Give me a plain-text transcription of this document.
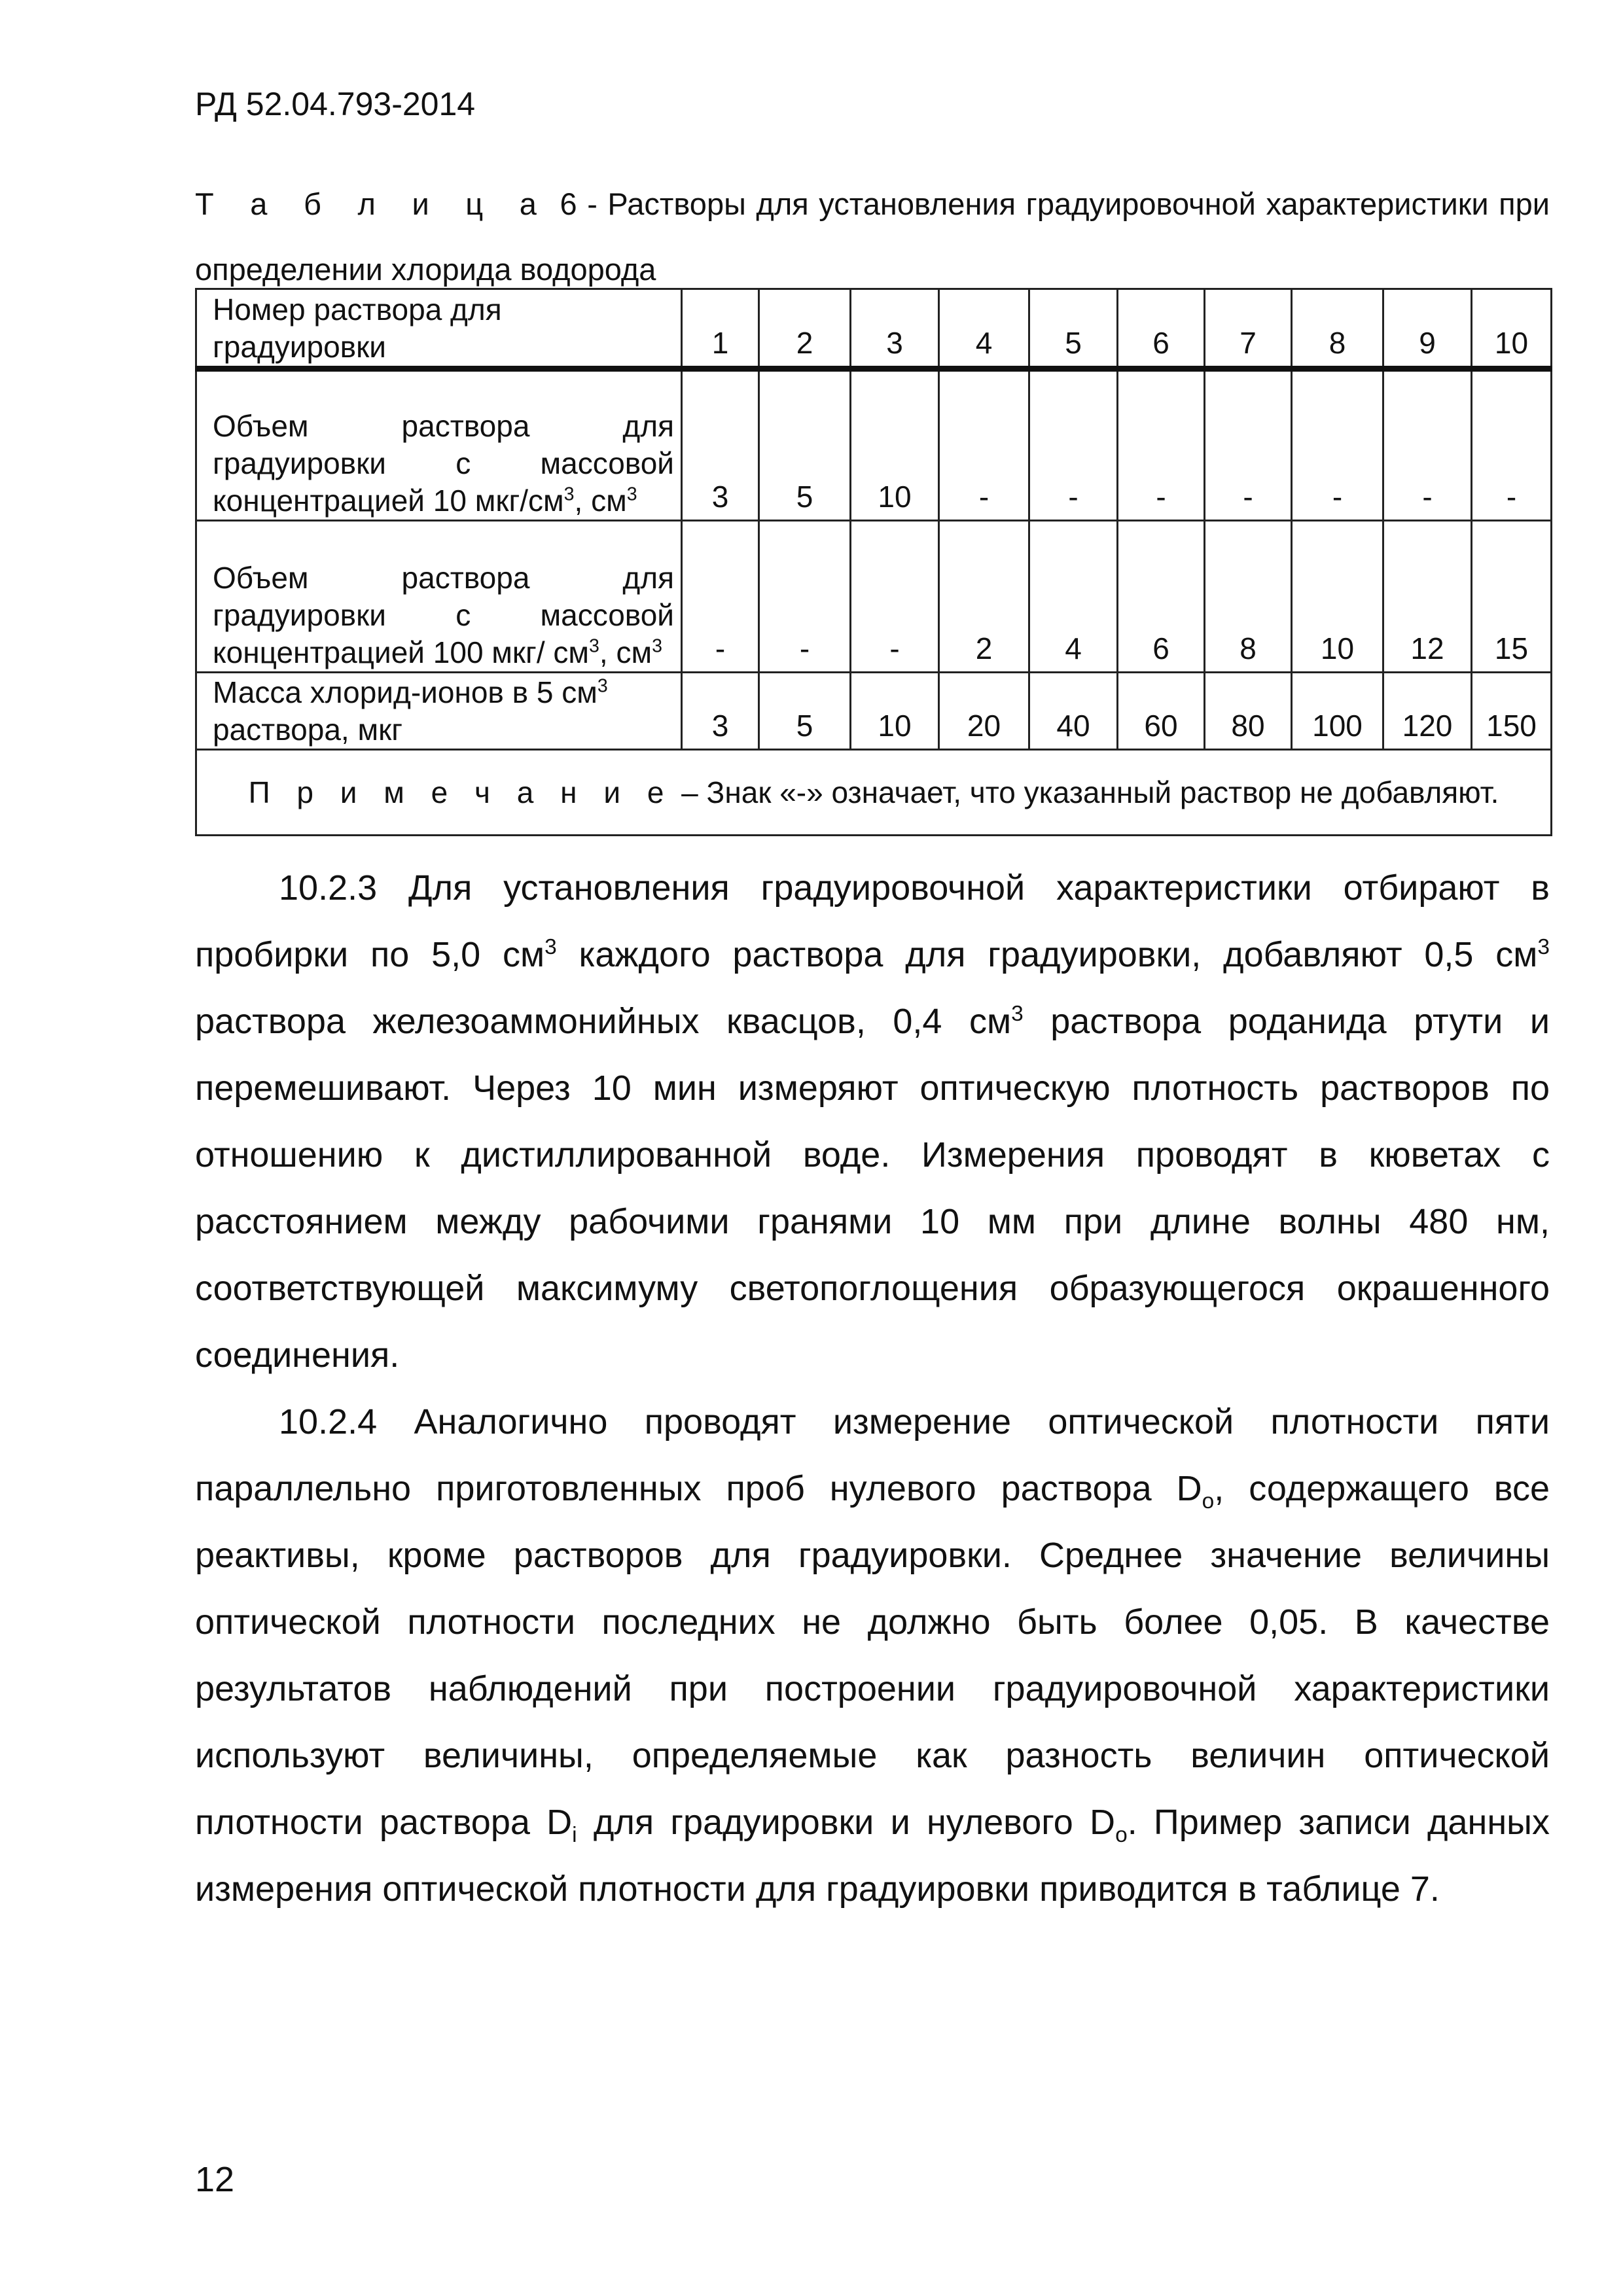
РД 52.04.793-2014
Т а б л и ц а 6 - Растворы для установления градуировочной характеристики при определении хлорида водорода
Номер раствора для градуировки	1	2	3	4	5	6	7	8	9	10
Объем раствора для градуировки с массовой концентрацией 10 мкг/$см^3$, $см^3$	3	5	10	-	-	-	-	-	-	-
Объем раствора для градуировки с массовой концентрацией 100 мкг/ $см^3$, $см^3$	-	-	-	2	4	6	8	10	12	15
Масса хлорид-ионов в 5 $см^3$
раствора, мкг	3	5	10	20	40	60	80	100	120	150
П р и м е ч а н и е – Знак «-» означает, что указанный раствор не добавляют.										

10.2.3 Для установления градуировочной характеристики отбирают в пробирки по 5,0 $см^3$ каждого раствора для градуировки, добавляют 0,5 $см^3$ раствора железоаммонийных квасцов, 0,4 $см^3$ раствора роданида ртути и перемешивают. Через 10 мин измеряют оптическую плотность растворов по отношению к дистиллированной воде. Измерения проводят в кюветах с расстоянием между рабочими гранями 10 мм при длине волны 480 нм, соответствующей максимуму светопоглощения образующегося окрашенного соединения.

10.2.4 Аналогично проводят измерение оптической плотности пяти параллельно приготовленных проб нулевого раствора $D_o$, содержащего все реактивы, кроме растворов для градуировки. Среднее значение величины оптической плотности последних не должно быть более 0,05. В качестве результатов наблюдений при построении градуировочной характеристики используют величины, определяемые как разность величин оптической плотности раствора $D_i$ для градуировки и нулевого $D_o$. Пример записи данных измерения оптической плотности для градуировки приводится в таблице 7.

12
